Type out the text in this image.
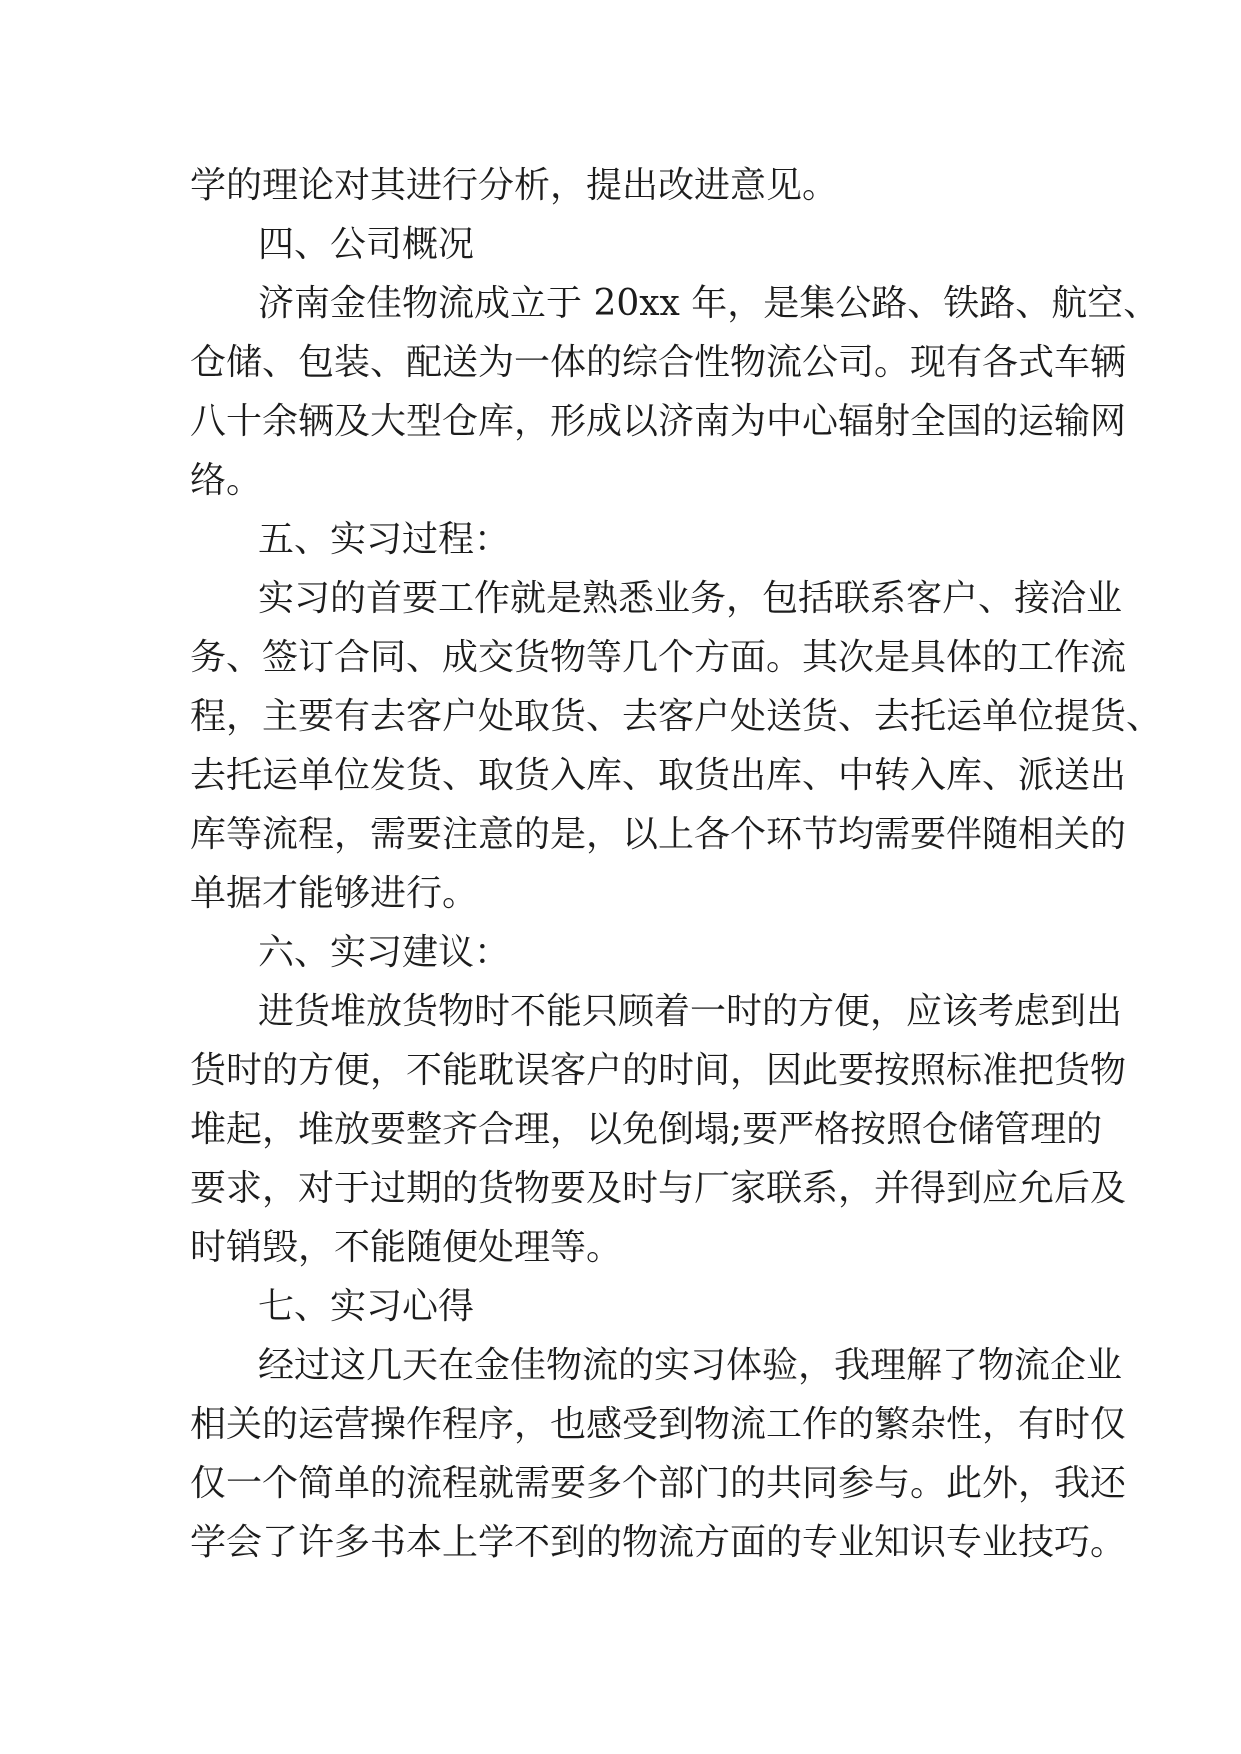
学的理论对其进行分析，提出改进意见。
四、公司概况
济南金佳物流成立于 20xx 年，是集公路、铁路、航空、
仓储、包装、配送为一体的综合性物流公司。现有各式车辆
八十余辆及大型仓库，形成以济南为中心辐射全国的运输网
络。
五、实习过程：
实习的首要工作就是熟悉业务，包括联系客户、接洽业
务、签订合同、成交货物等几个方面。其次是具体的工作流
程，主要有去客户处取货、去客户处送货、去托运单位提货、
去托运单位发货、取货入库、取货出库、中转入库、派送出
库等流程，需要注意的是，以上各个环节均需要伴随相关的
单据才能够进行。
六、实习建议：
进货堆放货物时不能只顾着一时的方便，应该考虑到出
货时的方便，不能耽误客户的时间，因此要按照标准把货物
堆起，堆放要整齐合理，以免倒塌;要严格按照仓储管理的
要求，对于过期的货物要及时与厂家联系，并得到应允后及
时销毁，不能随便处理等。
七、实习心得
经过这几天在金佳物流的实习体验，我理解了物流企业
相关的运营操作程序，也感受到物流工作的繁杂性，有时仅
仅一个简单的流程就需要多个部门的共同参与。此外，我还
学会了许多书本上学不到的物流方面的专业知识专业技巧。
